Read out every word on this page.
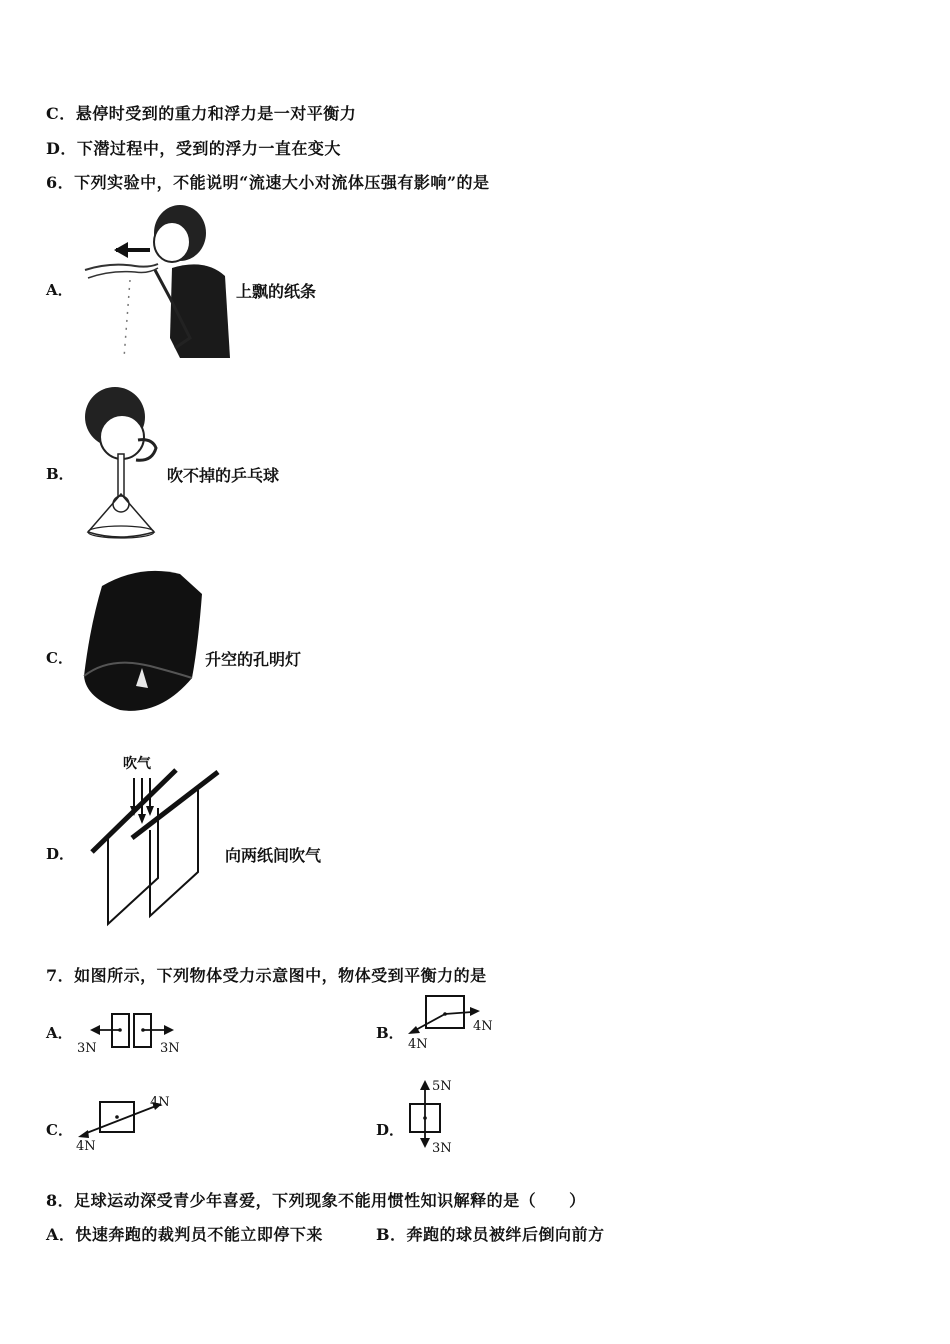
C．悬停时受到的重力和浮力是一对平衡力
D．下潜过程中，受到的浮力一直在变大
6．下列实验中，不能说明“流速大小对流体压强有影响”的是
A．	上飘的纸条
B．	吹不掉的乒乓球
C．	升空的孔明灯
D．
吹气
向两纸间吹气
7．如图所示，下列物体受力示意图中，物体受到平衡力的是
A．
3N	3N
B．
4N
4N
C．
4N
4N
D．
5N
3N
8．足球运动深受青少年喜爱，下列现象不能用惯性知识解释的是（　　）
A．快速奔跑的裁判员不能立即停下来	B．奔跑的球员被绊后倒向前方
